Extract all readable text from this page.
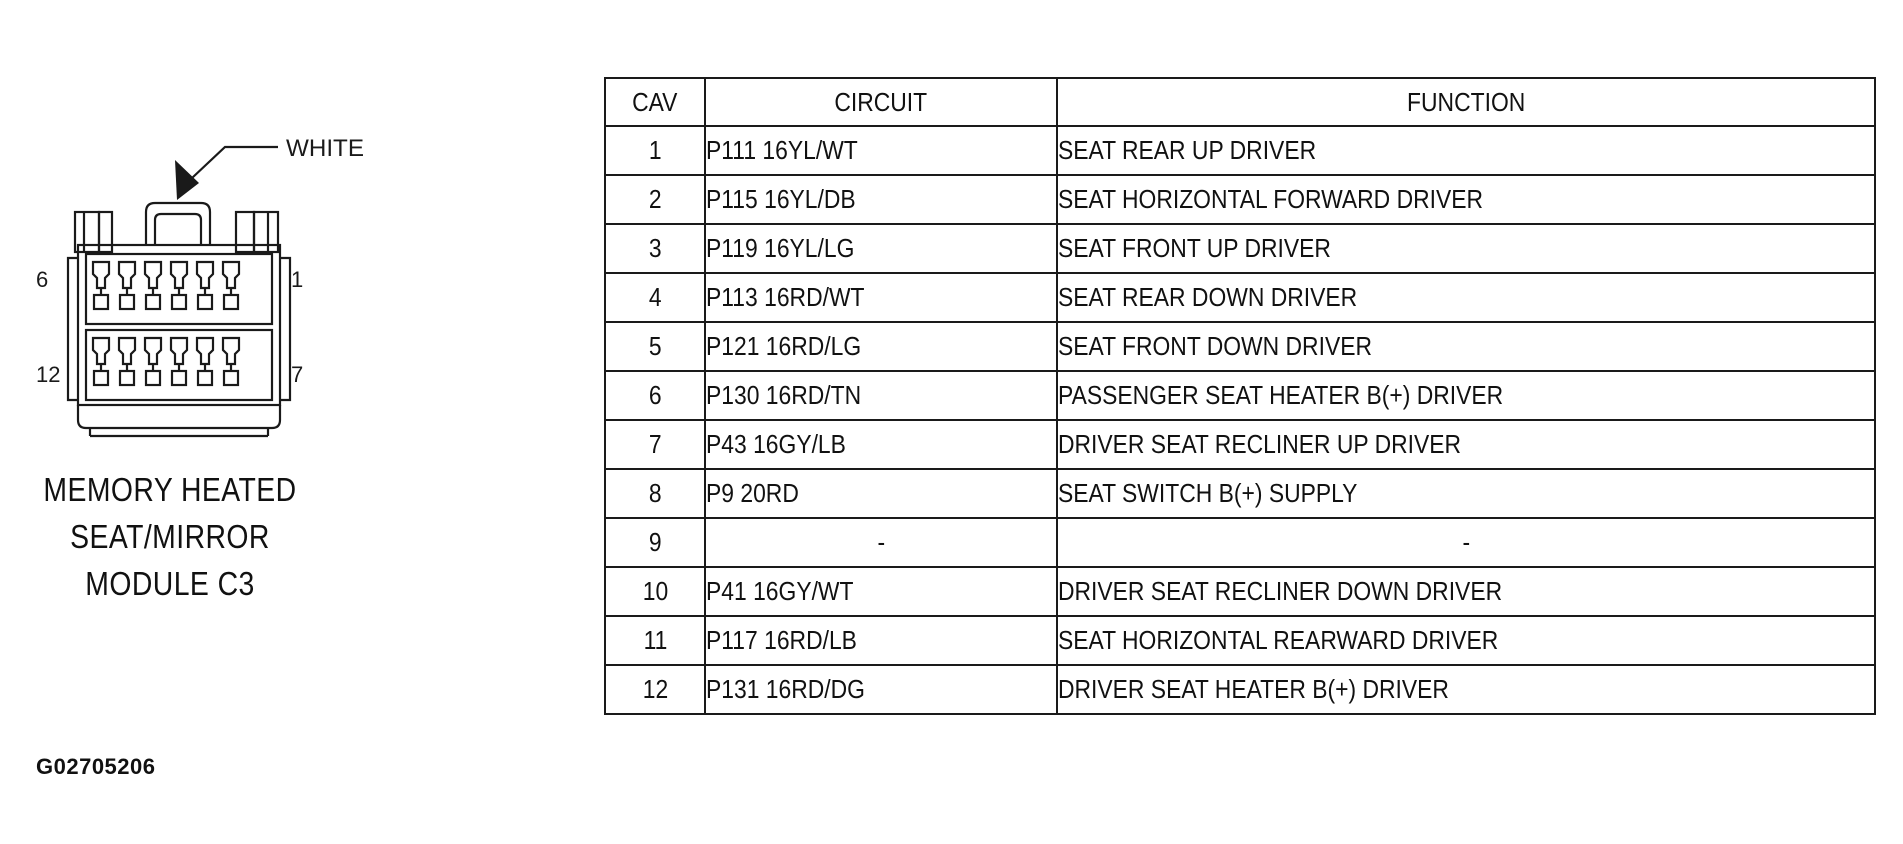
WHITE
6	1
12	7
MEMORY HEATED
SEAT/MIRROR
MODULE C3
G02705206
CAV	CIRCUIT	FUNCTION
1	P111 16YL/WT	SEAT REAR UP DRIVER
2	P115 16YL/DB	SEAT HORIZONTAL FORWARD DRIVER
3	P119 16YL/LG	SEAT FRONT UP DRIVER
4	P113 16RD/WT	SEAT REAR DOWN DRIVER
5	P121 16RD/LG	SEAT FRONT DOWN DRIVER
6	P130 16RD/TN	PASSENGER SEAT HEATER B(+) DRIVER
7	P43 16GY/LB	DRIVER SEAT RECLINER UP DRIVER
8	P9 20RD	SEAT SWITCH B(+) SUPPLY
9	-	-
10	P41 16GY/WT	DRIVER SEAT RECLINER DOWN DRIVER
11	P117 16RD/LB	SEAT HORIZONTAL REARWARD DRIVER
12	P131 16RD/DG	DRIVER SEAT HEATER B(+) DRIVER
